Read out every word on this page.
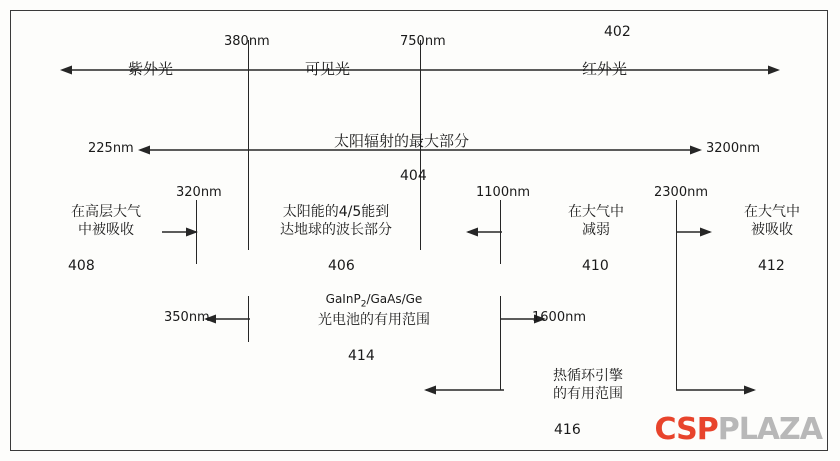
380nm	750nm
紫外光	可见光	红外光
402
225nm	3200nm
太阳辐射的最大部分
404
320nm
在高层大气
中被吸收
408
太阳能的4/5能到
达地球的波长部分
406
1100nm
在大气中
减弱
410
2300nm
在大气中
被吸收
412
350nm	1600nm
GaInP$_2$/GaAs/Ge
光电池的有用范围
414
热循环引擎
的有用范围
416 CSPPLAZA
